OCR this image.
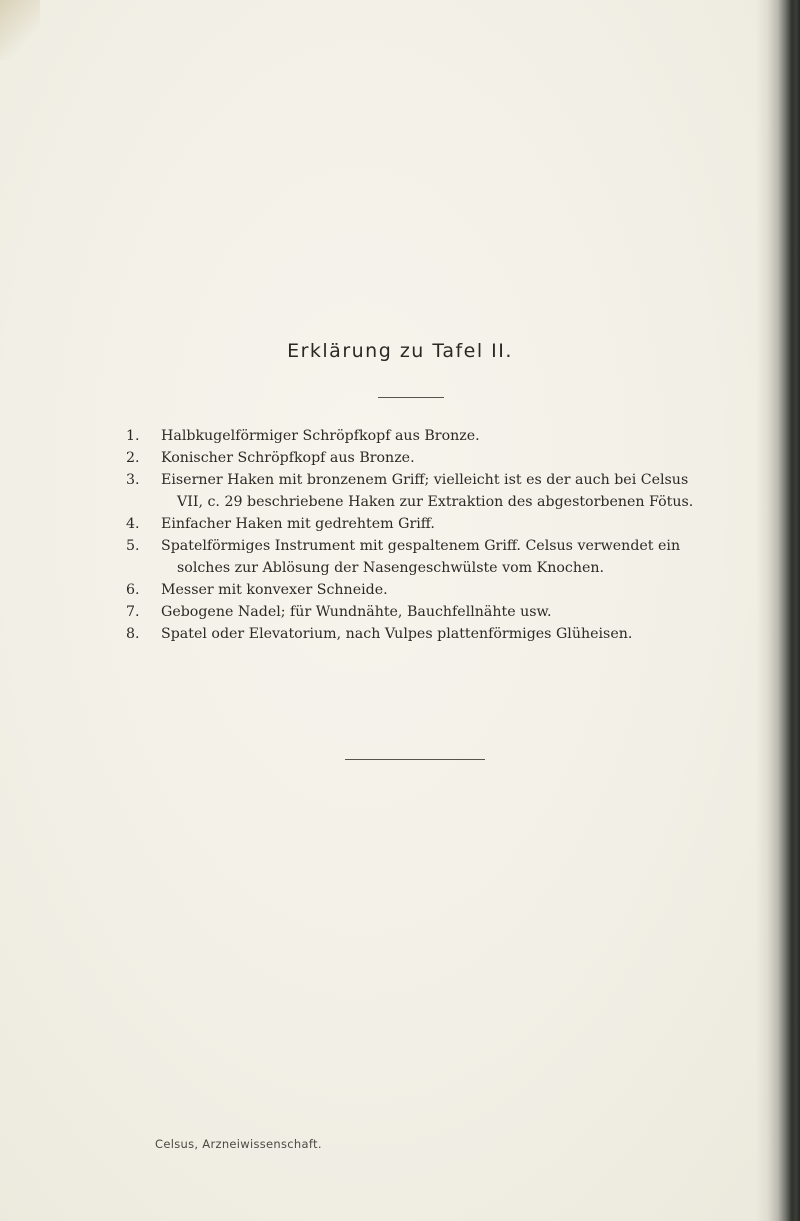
Erklärung zu Tafel II.
1. Halbkugelförmiger Schröpfkopf aus Bronze.
2. Konischer Schröpfkopf aus Bronze.
3. Eiserner Haken mit bronzenem Griff; vielleicht ist es der auch bei Celsus
VII, c. 29 beschriebene Haken zur Extraktion des abgestorbenen Fötus.
4. Einfacher Haken mit gedrehtem Griff.
5. Spatelförmiges Instrument mit gespaltenem Griff. Celsus verwendet ein
solches zur Ablösung der Nasengeschwülste vom Knochen.
6. Messer mit konvexer Schneide.
7. Gebogene Nadel; für Wundnähte, Bauchfellnähte usw.
8. Spatel oder Elevatorium, nach Vulpes plattenförmiges Glüheisen.
Celsus, Arzneiwissenschaft.
